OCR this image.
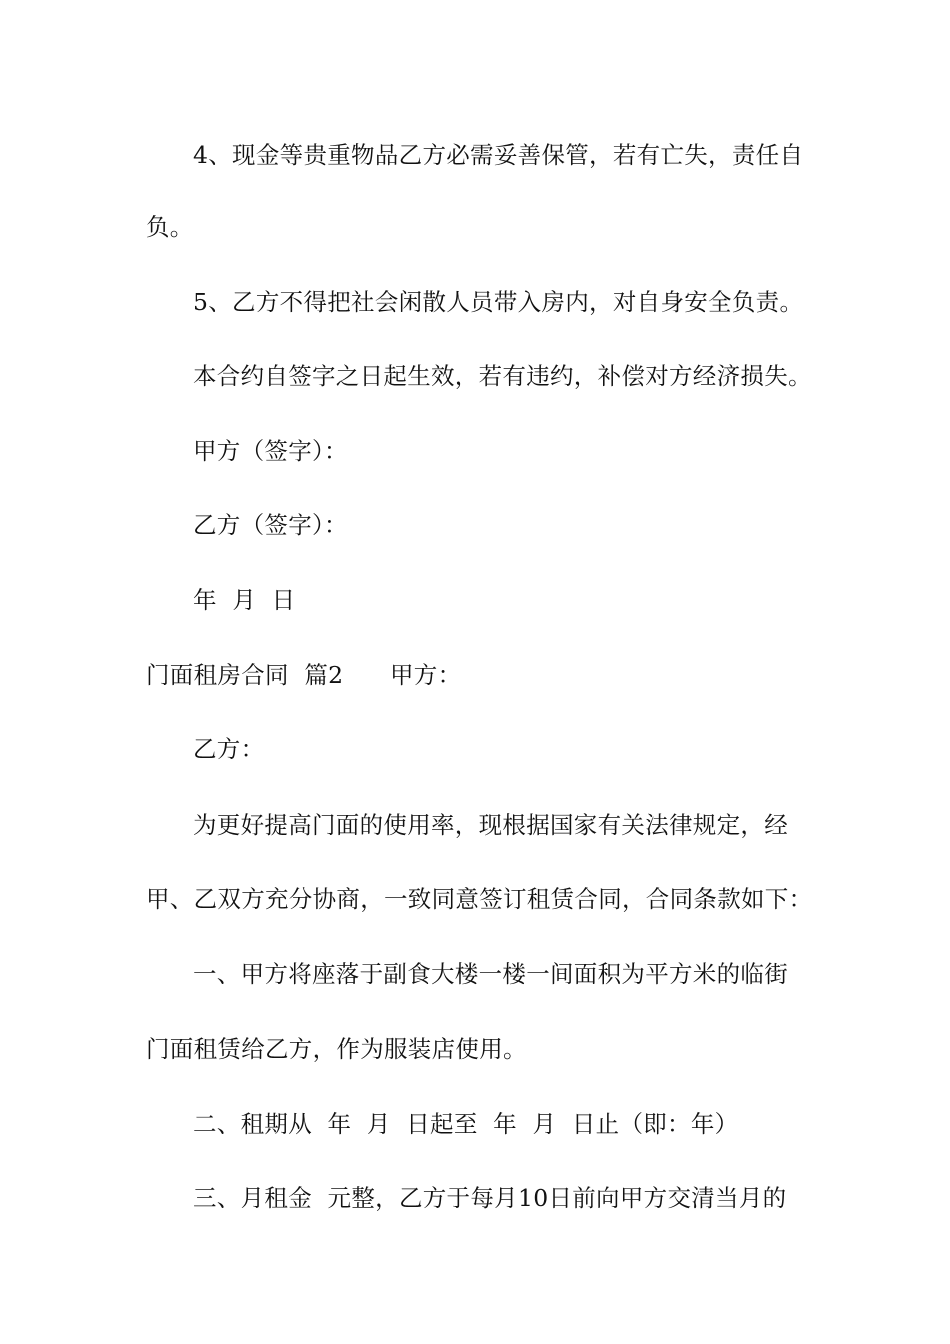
4、现金等贵重物品乙方必需妥善保管，若有亡失，责任自
负。
5、乙方不得把社会闲散人员带入房内，对自身安全负责。
本合约自签字之日起生效，若有违约，补偿对方经济损失。
甲方（签字）：
乙方（签字）：
年  月  日
门面租房合同  篇2      甲方：
乙方：
为更好提高门面的使用率，现根据国家有关法律规定，经
甲、乙双方充分协商，一致同意签订租赁合同，合同条款如下：
一、甲方将座落于副食大楼一楼一间面积为平方米的临街
门面租赁给乙方，作为服装店使用。
二、租期从  年  月  日起至  年  月  日止（即：年）
三、月租金  元整，乙方于每月10日前向甲方交清当月的
